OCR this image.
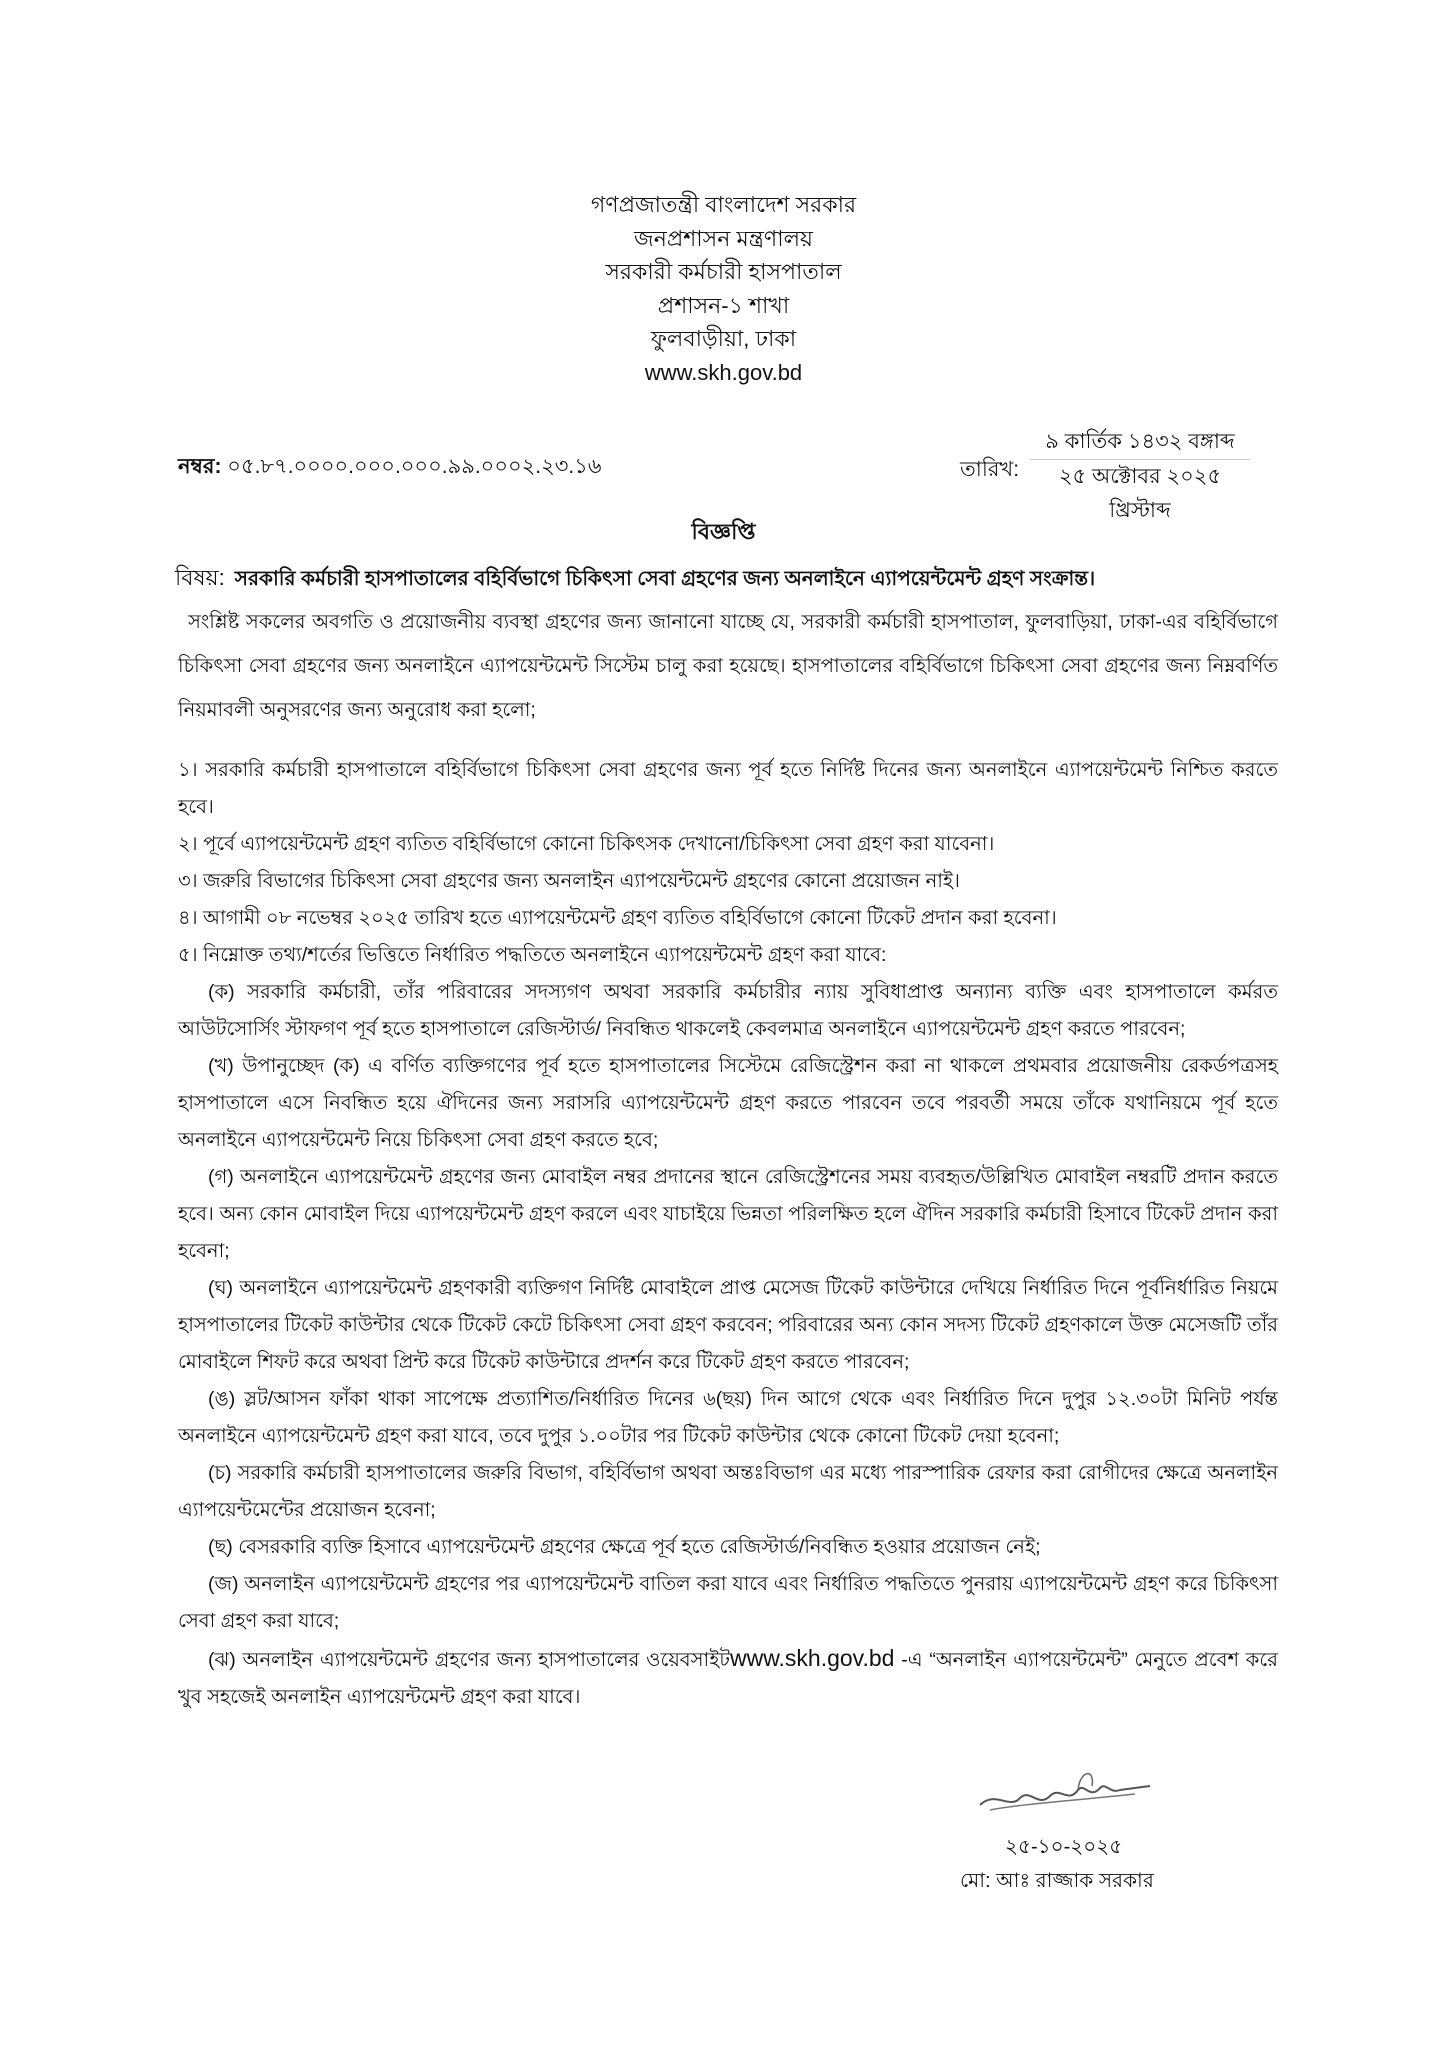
গণপ্রজাতন্ত্রী বাংলাদেশ সরকার
জনপ্রশাসন মন্ত্রণালয়
সরকারী কর্মচারী হাসপাতাল
প্রশাসন-১ শাখা
ফুলবাড়ীয়া, ঢাকা
www.skh.gov.bd
নম্বর: ০৫.৮৭.০০০০.০০০.০০০.৯৯.০০০২.২৩.১৬	তারিখ:
৯ কার্তিক ১৪৩২ বঙ্গাব্দ
২৫ অক্টোবর ২০২৫ খ্রিস্টাব্দ
বিজ্ঞপ্তি
বিষয়: সরকারি কর্মচারী হাসপাতালের বহির্বিভাগে চিকিৎসা সেবা গ্রহণের জন্য অনলাইনে এ্যাপয়েন্টমেন্ট গ্রহণ সংক্রান্ত।
সংশ্লিষ্ট সকলের অবগতি ও প্রয়োজনীয় ব্যবস্থা গ্রহণের জন্য জানানো যাচ্ছে যে, সরকারী কর্মচারী হাসপাতাল, ফুলবাড়িয়া, ঢাকা-এর বহির্বিভাগে চিকিৎসা সেবা গ্রহণের জন্য অনলাইনে এ্যাপয়েন্টমেন্ট সিস্টেম চালু করা হয়েছে। হাসপাতালের বহির্বিভাগে চিকিৎসা সেবা গ্রহণের জন্য নিম্নবর্ণিত নিয়মাবলী অনুসরণের জন্য অনুরোধ করা হলো;

১। সরকারি কর্মচারী হাসপাতালে বহির্বিভাগে চিকিৎসা সেবা গ্রহণের জন্য পূর্ব হতে নির্দিষ্ট দিনের জন্য অনলাইনে এ্যাপয়েন্টমেন্ট নিশ্চিত করতে হবে।

২। পূর্বে এ্যাপয়েন্টমেন্ট গ্রহণ ব্যতিত বহির্বিভাগে কোনো চিকিৎসক দেখানো/চিকিৎসা সেবা গ্রহণ করা যাবেনা।

৩। জরুরি বিভাগের চিকিৎসা সেবা গ্রহণের জন্য অনলাইন এ্যাপয়েন্টমেন্ট গ্রহণের কোনো প্রয়োজন নাই।

৪। আগামী ০৮ নভেম্বর ২০২৫ তারিখ হতে এ্যাপয়েন্টমেন্ট গ্রহণ ব্যতিত বহির্বিভাগে কোনো টিকেট প্রদান করা হবেনা।

৫। নিম্নোক্ত তথ্য/শর্তের ভিত্তিতে নির্ধারিত পদ্ধতিতে অনলাইনে এ্যাপয়েন্টমেন্ট গ্রহণ করা যাবে:

(ক) সরকারি কর্মচারী, তাঁর পরিবারের সদস্যগণ অথবা সরকারি কর্মচারীর ন্যায় সুবিধাপ্রাপ্ত অন্যান্য ব্যক্তি এবং হাসপাতালে কর্মরত আউটসোর্সিং স্টাফগণ পূর্ব হতে হাসপাতালে রেজিস্টার্ড/ নিবন্ধিত থাকলেই কেবলমাত্র অনলাইনে এ্যাপয়েন্টমেন্ট গ্রহণ করতে পারবেন;

(খ) উপানুচ্ছেদ (ক) এ বর্ণিত ব্যক্তিগণের পূর্ব হতে হাসপাতালের সিস্টেমে রেজিস্ট্রেশন করা না থাকলে প্রথমবার প্রয়োজনীয় রেকর্ডপত্রসহ হাসপাতালে এসে নিবন্ধিত হয়ে ঐদিনের জন্য সরাসরি এ্যাপয়েন্টমেন্ট গ্রহণ করতে পারবেন তবে পরবর্তী সময়ে তাঁকে যথানিয়মে পূর্ব হতে অনলাইনে এ্যাপয়েন্টমেন্ট নিয়ে চিকিৎসা সেবা গ্রহণ করতে হবে;

(গ) অনলাইনে এ্যাপয়েন্টমেন্ট গ্রহণের জন্য মোবাইল নম্বর প্রদানের স্থানে রেজিস্ট্রেশনের সময় ব্যবহৃত/উল্লিখিত মোবাইল নম্বরটি প্রদান করতে হবে। অন্য কোন মোবাইল দিয়ে এ্যাপয়েন্টমেন্ট গ্রহণ করলে এবং যাচাইয়ে ভিন্নতা পরিলক্ষিত হলে ঐদিন সরকারি কর্মচারী হিসাবে টিকেট প্রদান করা হবেনা;

(ঘ) অনলাইনে এ্যাপয়েন্টমেন্ট গ্রহণকারী ব্যক্তিগণ নির্দিষ্ট মোবাইলে প্রাপ্ত মেসেজ টিকেট কাউন্টারে দেখিয়ে নির্ধারিত দিনে পূর্বনির্ধারিত নিয়মে হাসপাতালের টিকেট কাউন্টার থেকে টিকেট কেটে চিকিৎসা সেবা গ্রহণ করবেন; পরিবারের অন্য কোন সদস্য টিকেট গ্রহণকালে উক্ত মেসেজটি তাঁর মোবাইলে শিফট করে অথবা প্রিন্ট করে টিকেট কাউন্টারে প্রদর্শন করে টিকেট গ্রহণ করতে পারবেন;

(ঙ) স্লট/আসন ফাঁকা থাকা সাপেক্ষে প্রত্যাশিত/নির্ধারিত দিনের ৬(ছয়) দিন আগে থেকে এবং নির্ধারিত দিনে দুপুর ১২.৩০টা মিনিট পর্যন্ত অনলাইনে এ্যাপয়েন্টমেন্ট গ্রহণ করা যাবে, তবে দুপুর ১.০০টার পর টিকেট কাউন্টার থেকে কোনো টিকেট দেয়া হবেনা;

(চ) সরকারি কর্মচারী হাসপাতালের জরুরি বিভাগ, বহির্বিভাগ অথবা অন্তঃবিভাগ এর মধ্যে পারস্পারিক রেফার করা রোগীদের ক্ষেত্রে অনলাইন এ্যাপয়েন্টমেন্টের প্রয়োজন হবেনা;

(ছ) বেসরকারি ব্যক্তি হিসাবে এ্যাপয়েন্টমেন্ট গ্রহণের ক্ষেত্রে পূর্ব হতে রেজিস্টার্ড/নিবন্ধিত হওয়ার প্রয়োজন নেই;

(জ) অনলাইন এ্যাপয়েন্টমেন্ট গ্রহণের পর এ্যাপয়েন্টমেন্ট বাতিল করা যাবে এবং নির্ধারিত পদ্ধতিতে পুনরায় এ্যাপয়েন্টমেন্ট গ্রহণ করে চিকিৎসা সেবা গ্রহণ করা যাবে;

(ঝ) অনলাইন এ্যাপয়েন্টমেন্ট গ্রহণের জন্য হাসপাতালের ওয়েবসাইটwww.skh.gov.bd -এ “অনলাইন এ্যাপয়েন্টমেন্ট” মেনুতে প্রবেশ করে খুব সহজেই অনলাইন এ্যাপয়েন্টমেন্ট গ্রহণ করা যাবে।

২৫-১০-২০২৫
মো: আঃ রাজ্জাক সরকার
